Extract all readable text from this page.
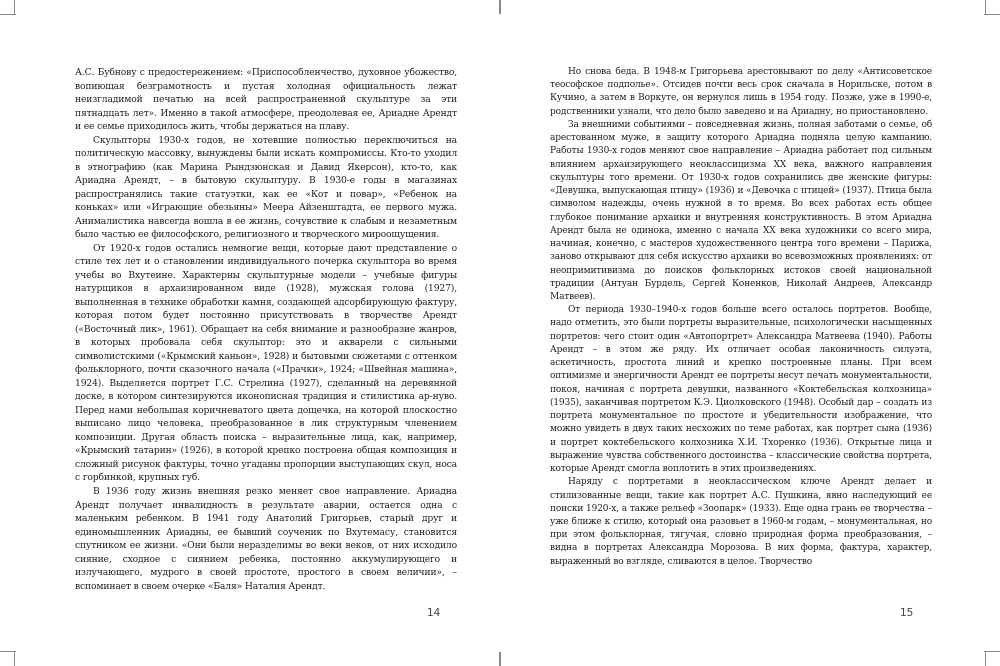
А.С. Бубнову с предостережением: «Приспособленчество, духовное убожество, вопиющая безграмотность и пустая холодная официальность лежат неизгладимой печатью на всей распространенной скульптуре за эти пятнадцать лет». Именно в такой атмосфере, преодолевая ее, Ариадне Арендт и ее семье приходилось жить, чтобы держаться на плаву.

Скульпторы 1930-х годов, не хотевшие полностью переключиться на политическую массовку, вынуждены были искать компромиссы. Кто-то уходил в этнографию (как Марина Рындзюнская и Давид Якерсон), кто-то, как Ариадна Арендт, – в бытовую скульптуру. В 1930-е годы в магазинах распространялись такие статуэтки, как ее «Кот и повар», «Ребенок на коньках» или «Играющие обезьяны» Меера Айзенштадта, ее первого мужа. Анималистика навсегда вошла в ее жизнь, сочувствие к слабым и незаметным было частью ее философского, религиозного и творческого мироощущения.

От 1920-х годов остались немногие вещи, которые дают представление о стиле тех лет и о становлении индивидуального почерка скульптора во время учебы во Вхутеине. Характерны скульптурные модели – учебные фигуры натурщиков в архаизированном виде (1928), мужская голова (1927), выполненная в технике обработки камня, создающей адсорбирующую фактуру, которая потом будет постоянно присутствовать в творчестве Арендт («Восточный лик», 1961). Обращает на себя внимание и разнообразие жанров, в которых пробовала себя скульптор: это и акварели с сильными символистскими («Крымский каньон», 1928) и бытовыми сюжетами с оттенком фольклорного, почти сказочного начала («Прачки», 1924; «Швейная машина», 1924). Выделяется портрет Г.С. Стрелина (1927), сделанный на деревянной доске, в котором синтезируются иконописная традиция и стилистика ар-нуво. Перед нами небольшая коричневатого цвета дощечка, на которой плоскостно выписано лицо человека, преобразованное в лик структурным членением композиции. Другая область поиска – выразительные лица, как, например, «Крымский татарин» (1926), в которой крепко построена общая композиция и сложный рисунок фактуры, точно угаданы пропорции выступающих скул, носа с горбинкой, крупных губ.

В 1936 году жизнь внешняя резко меняет свое направление. Ариадна Арендт получает инвалидность в результате аварии, остается одна с маленьким ребенком. В 1941 году Анатолий Григорьев, старый друг и единомышленник Ариадны, ее бывший соученик по Вхутемасу, становится спутником ее жизни. «Они были неразделимы во веки веков, от них исходило сияние, сходное с сиянием ребенка, постоянно аккумулирующего и излучающего, мудрого в своей простоте, простого в своем величии», – вспоминает в своем очерке «Баля» Наталия Арендт.

Но снова беда. В 1948-м Григорьева арестовывают по делу «Антисоветское теософское подполье». Отсидев почти весь срок сначала в Норильске, потом в Кучино, а затем в Воркуте, он вернулся лишь в 1954 году. Позже, уже в 1990-е, родственники узнали, что дело было заведено и на Ариадну, но приостановлено.

За внешними событиями – повседневная жизнь, полная заботами о семье, об арестованном муже, в защиту которого Ариадна подняла целую кампанию. Работы 1930-х годов меняют свое направление – Ариадна работает под сильным влиянием архаизирующего неоклассицизма XX века, важного направления скульптуры того времени. От 1930-х годов сохранились две женские фигуры: «Девушка, выпускающая птицу» (1936) и «Девочка с птицей» (1937). Птица была символом надежды, очень нужной в то время. Во всех работах есть общее глубокое понимание архаики и внутренняя конструктивность. В этом Ариадна Арендт была не одинока, именно с начала XX века художники со всего мира, начиная, конечно, с мастеров художественного центра того времени – Парижа, заново открывают для себя искусство архаики во всевозможных проявлениях: от неопримитивизма до поисков фольклорных истоков своей национальной традиции (Антуан Бурдель, Сергей Коненков, Николай Андреев, Александр Матвеев).

От периода 1930–1940-х годов больше всего осталось портретов. Вообще, надо отметить, это были портреты выразительные, психологически насыщенных портретов: чего стоит один «Автопортрет» Александра Матвеева (1940). Работы Арендт – в этом же ряду. Их отличает особая лаконичность силуэта, аскетичность, простота линий и крепко построенные планы. При всем оптимизме и энергичности Арендт ее портреты несут печать монументальности, покоя, начиная с портрета девушки, названного «Коктебельская колхозница» (1935), заканчивая портретом К.Э. Циолковского (1948). Особый дар – создать из портрета монументальное по простоте и убедительности изображение, что можно увидеть в двух таких несхожих по теме работах, как портрет сына (1936) и портрет коктебельского колхозника Х.И. Тхоренко (1936). Открытые лица и выражение чувства собственного достоинства – классические свойства портрета, которые Арендт смогла воплотить в этих произведениях.

Наряду с портретами в неоклассическом ключе Арендт делает и стилизованные вещи, такие как портрет А.С. Пушкина, явно наследующий ее поиски 1920-х, а также рельеф «Зоопарк» (1933). Еще одна грань ее творчества – уже ближе к стилю, который она разовьет в 1960-м годам, – монументальная, но при этом фольклорная, тягучая, словно природная форма преобразования, – видна в портретах Александра Морозова. В них форма, фактура, характер, выраженный во взгляде, сливаются в целое. Творчество

14	15
